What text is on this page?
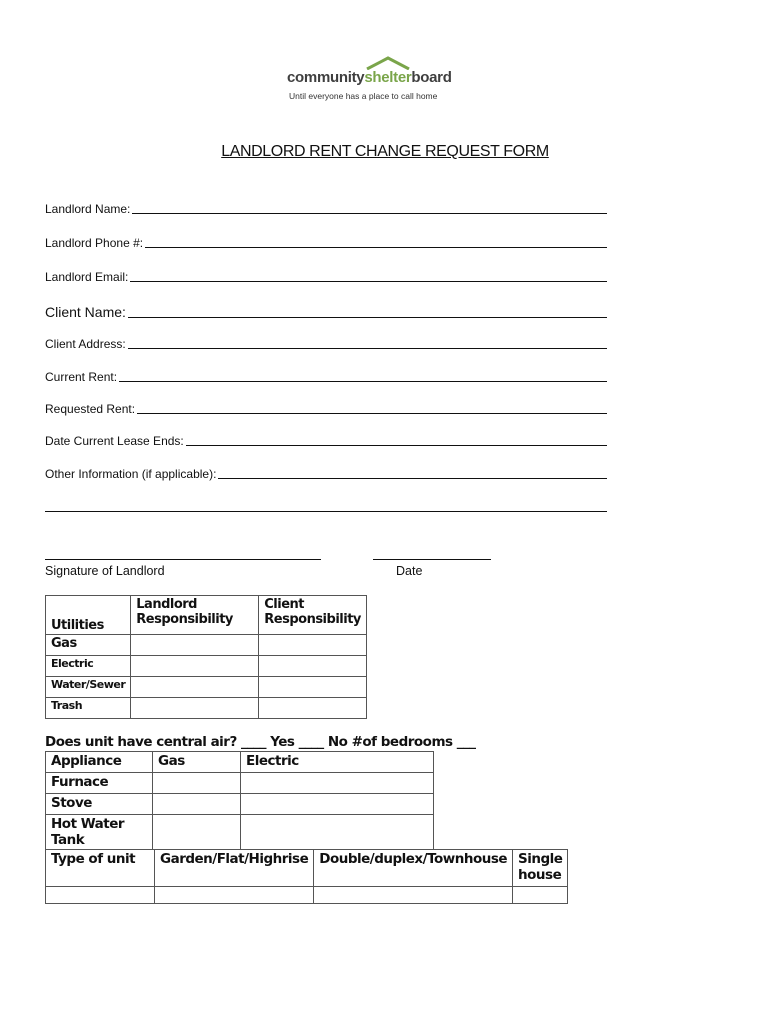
communityshelterboard
Until everyone has a place to call home
LANDLORD RENT CHANGE REQUEST FORM
Landlord Name:
Landlord Phone #:
Landlord Email:
Client Name:
Client Address:
Current Rent:
Requested Rent:
Date Current Lease Ends:
Other Information (if applicable):
Signature of Landlord	Date
Utilities	Landlord Responsibility	Client Responsibility
Gas		
Electric		
Water/Sewer		
Trash		
Does unit have central air? ____ Yes ____ No #of bedrooms ___
Appliance	Gas	Electric
Furnace		
Stove		
Hot Water Tank		
Type of unit	Garden/Flat/Highrise	Double/duplex/Townhouse	Single house
